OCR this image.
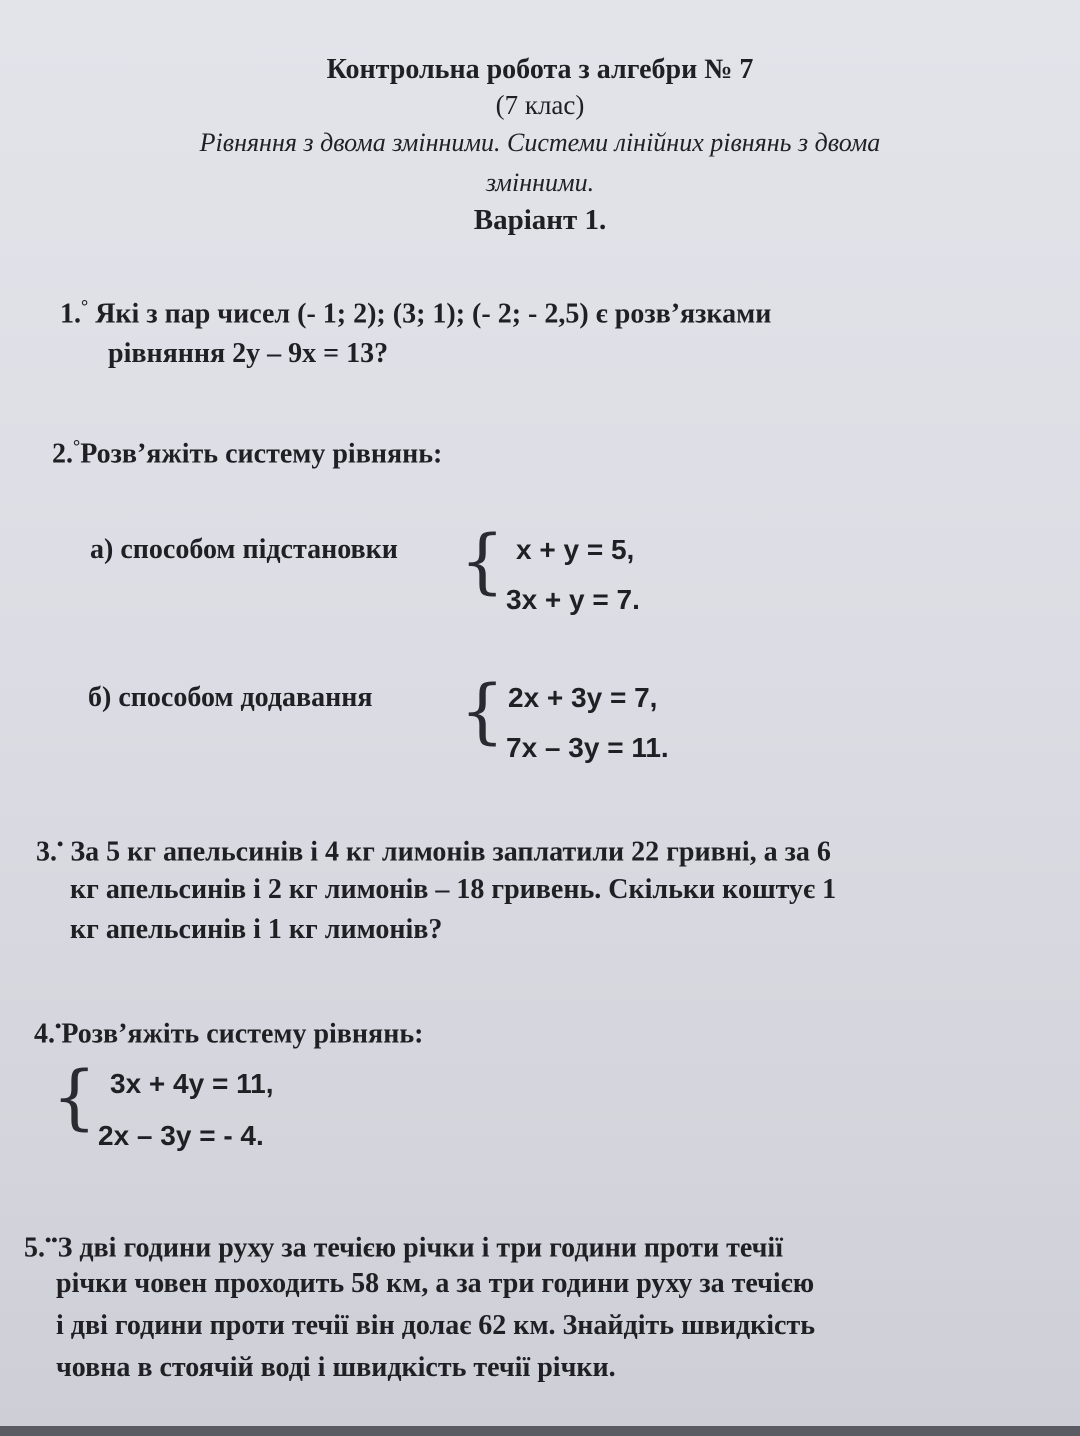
Контрольна робота з алгебри № 7
(7 клас)
Рівняння з двома змінними. Системи лінійних рівнянь з двома
змінними.
Варіант 1.
1.° Які з пар чисел (- 1; 2); (3; 1); (- 2; - 2,5) є розв’язками
рівняння 2y – 9x = 13?
2.°Розв’яжіть систему рівнянь:
а) способом підстановки { x + y = 5,
3x + y = 7.
б) способом додавання { 2x + 3y = 7,
7x – 3y = 11.
3.• За 5 кг апельсинів і 4 кг лимонів заплатили 22 гривні, а за 6
кг апельсинів і 2 кг лимонів – 18 гривень. Скільки коштує 1
кг апельсинів і 1 кг лимонів?
4.•Розв’яжіть систему рівнянь:
{ 3x + 4y = 11,
2x – 3y = - 4.
5.••З дві години руху за течією річки і три години проти течії
річки човен проходить 58 км, а за три години руху за течією
і дві години проти течії він долає 62 км. Знайдіть швидкість
човна в стоячій воді і швидкість течії річки.
